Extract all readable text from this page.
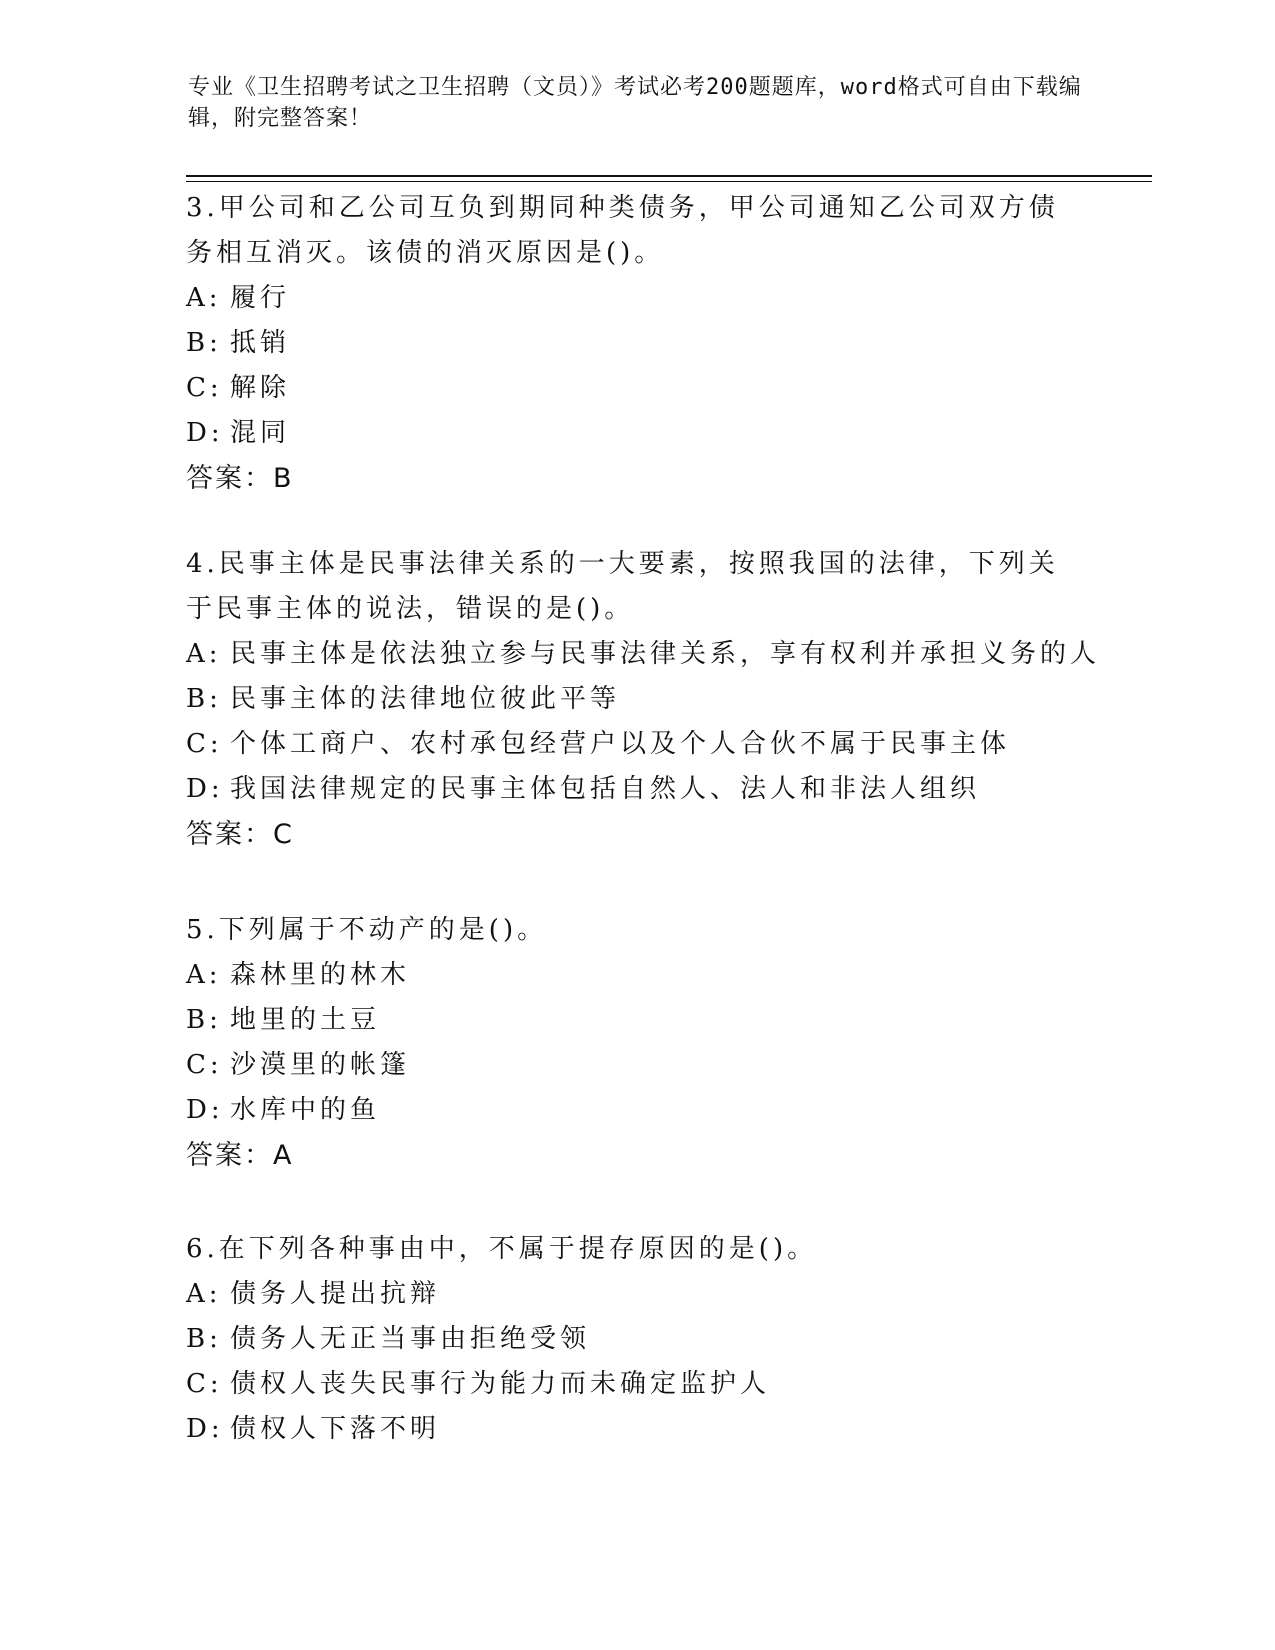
专业《卫生招聘考试之卫生招聘（文员）》考试必考200题题库，word格式可自由下载编辑，附完整答案！
3.甲公司和乙公司互负到期同种类债务，甲公司通知乙公司双方债务相互消灭。该债的消灭原因是()。
A: 履行
B: 抵销
C: 解除
D: 混同
答案：B
4.民事主体是民事法律关系的一大要素，按照我国的法律，下列关于民事主体的说法，错误的是()。
A: 民事主体是依法独立参与民事法律关系，享有权利并承担义务的人
B: 民事主体的法律地位彼此平等
C: 个体工商户、农村承包经营户以及个人合伙不属于民事主体
D: 我国法律规定的民事主体包括自然人、法人和非法人组织
答案：C
5.下列属于不动产的是()。
A: 森林里的林木
B: 地里的土豆
C: 沙漠里的帐篷
D: 水库中的鱼
答案：A
6.在下列各种事由中，不属于提存原因的是()。
A: 债务人提出抗辩
B: 债务人无正当事由拒绝受领
C: 债权人丧失民事行为能力而未确定监护人
D: 债权人下落不明
